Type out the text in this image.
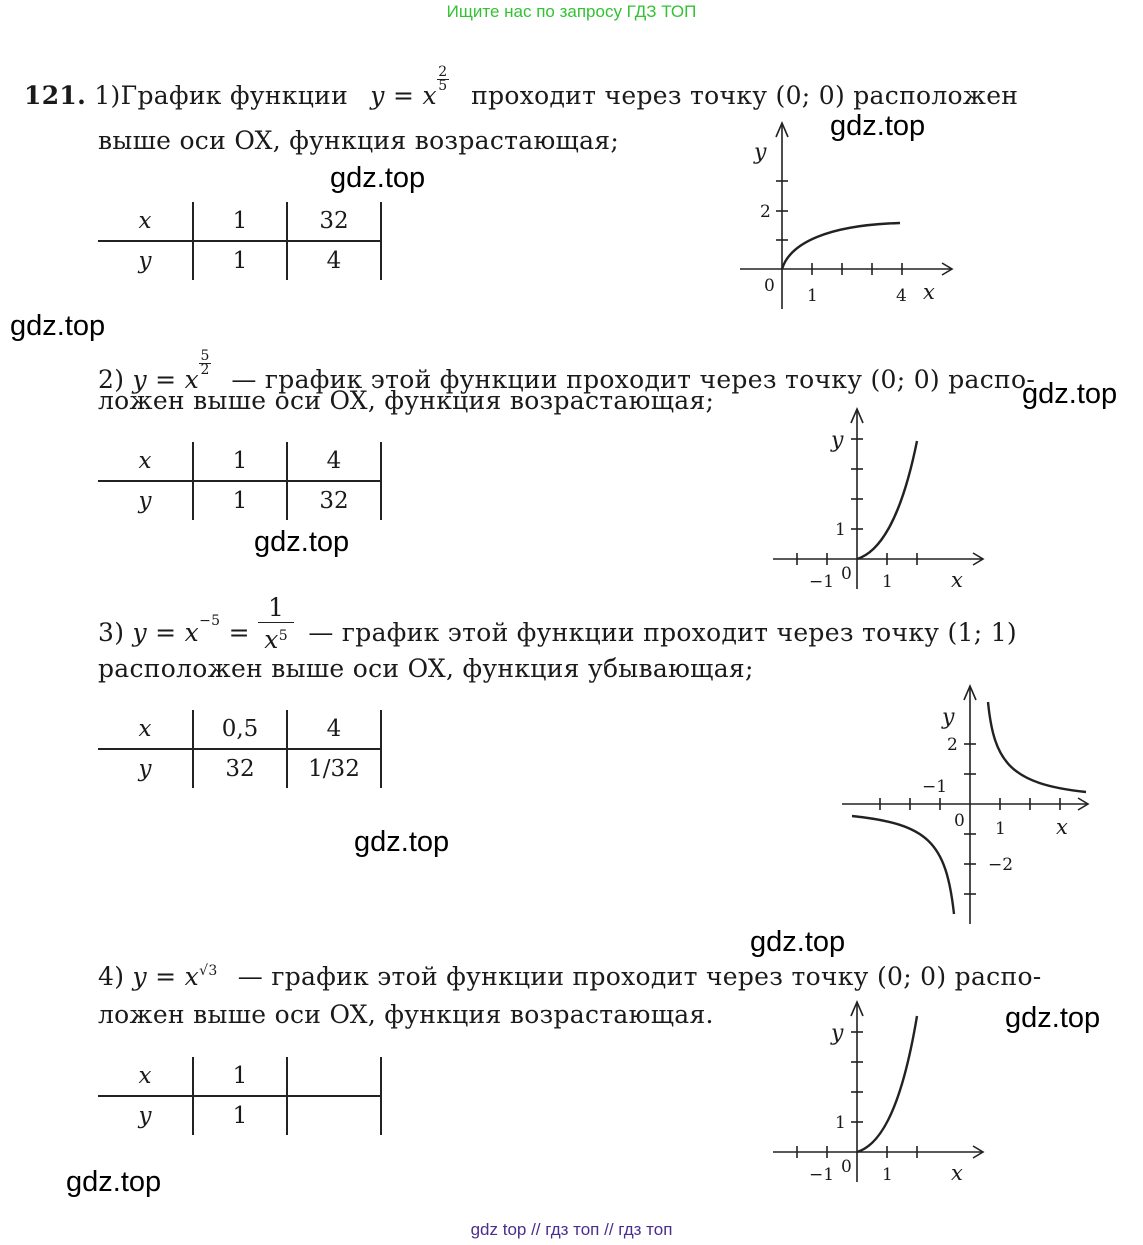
Ищите нас по запросу ГДЗ ТОП
gdz.top
gdz.top
gdz.top
gdz.top
gdz.top
gdz.top
gdz.top
gdz.top
gdz.top
121. 1)График функции y = x
$\frac{2}{5}$
проходит через точку (0; 0) расположен
выше оси OX, функция возрастающая;
x	1	32
y	1	4
y
x
0 1	4
2
2) y = x
$\frac{5}{2}$
— график этой функции проходит через точку (0; 0) распо-
ложен выше оси OX, функция возрастающая;
x	1	4
y	1	32
y
x
0
−1	1
1
3) $y = x_{-5} = \frac{1}{x^5}$ — график этой функции проходит через точку (1; 1)
расположен выше оси OX, функция убывающая;
x	0,5	4
y	32	1/32
y
x
0
−1
1
2
−2
4) $y = x^{√3}$ — график этой функции проходит через точку (0; 0) распо-
ложен выше оси OX, функция возрастающая.
x	1	
y	1	
y
x
0
−1	1
1
gdz top // гдз топ // гдз топ
